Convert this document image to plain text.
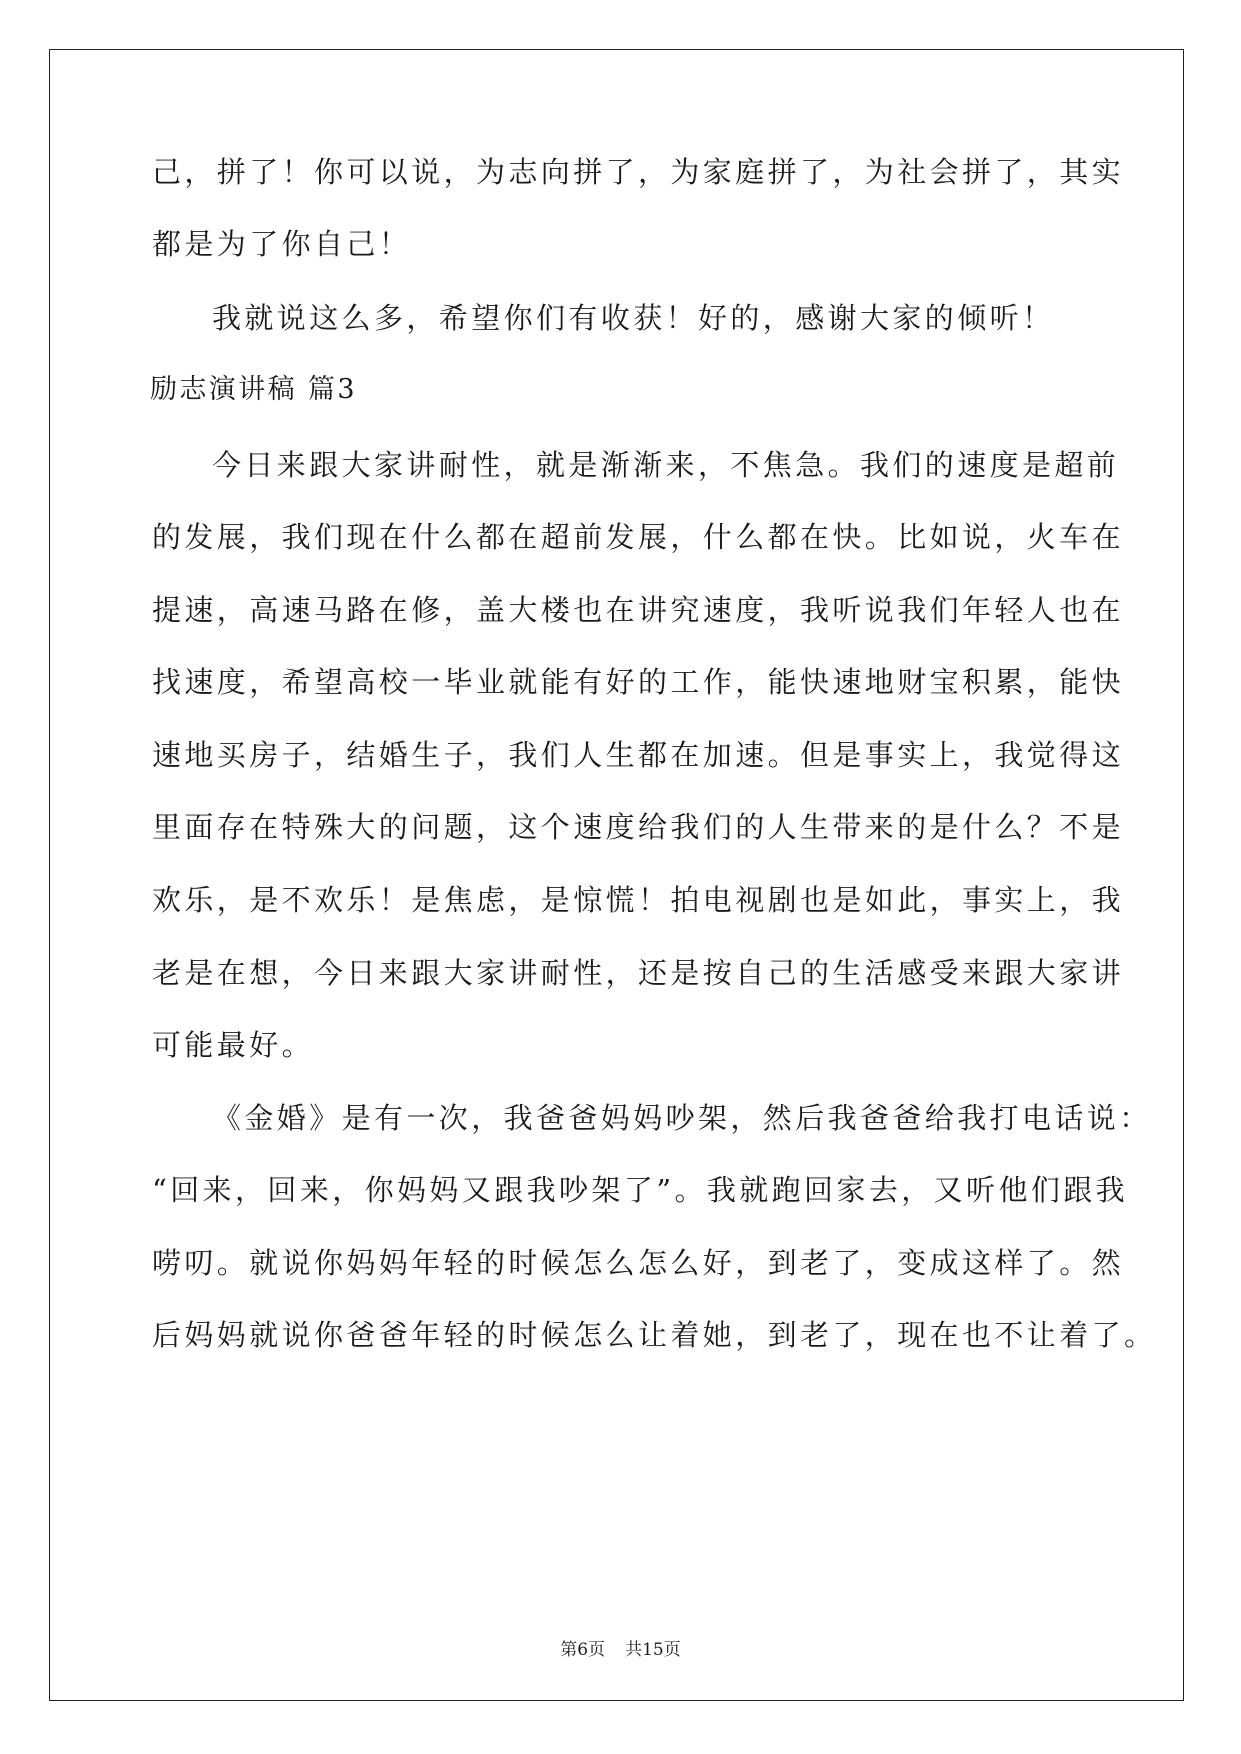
己，拼了！你可以说，为志向拼了，为家庭拼了，为社会拼了，其实
都是为了你自己！
我就说这么多，希望你们有收获！好的，感谢大家的倾听！
励志演讲稿 篇3
今日来跟大家讲耐性，就是渐渐来，不焦急。我们的速度是超前
的发展，我们现在什么都在超前发展，什么都在快。比如说，火车在
提速，高速马路在修，盖大楼也在讲究速度，我听说我们年轻人也在
找速度，希望高校一毕业就能有好的工作，能快速地财宝积累，能快
速地买房子，结婚生子，我们人生都在加速。但是事实上，我觉得这
里面存在特殊大的问题，这个速度给我们的人生带来的是什么？不是
欢乐，是不欢乐！是焦虑，是惊慌！拍电视剧也是如此，事实上，我
老是在想，今日来跟大家讲耐性，还是按自己的生活感受来跟大家讲
可能最好。
《金婚》是有一次，我爸爸妈妈吵架，然后我爸爸给我打电话说：
“回来，回来，你妈妈又跟我吵架了”。我就跑回家去，又听他们跟我
唠叨。就说你妈妈年轻的时候怎么怎么好，到老了，变成这样了。然
后妈妈就说你爸爸年轻的时候怎么让着她，到老了，现在也不让着了。
第6页 共15页
